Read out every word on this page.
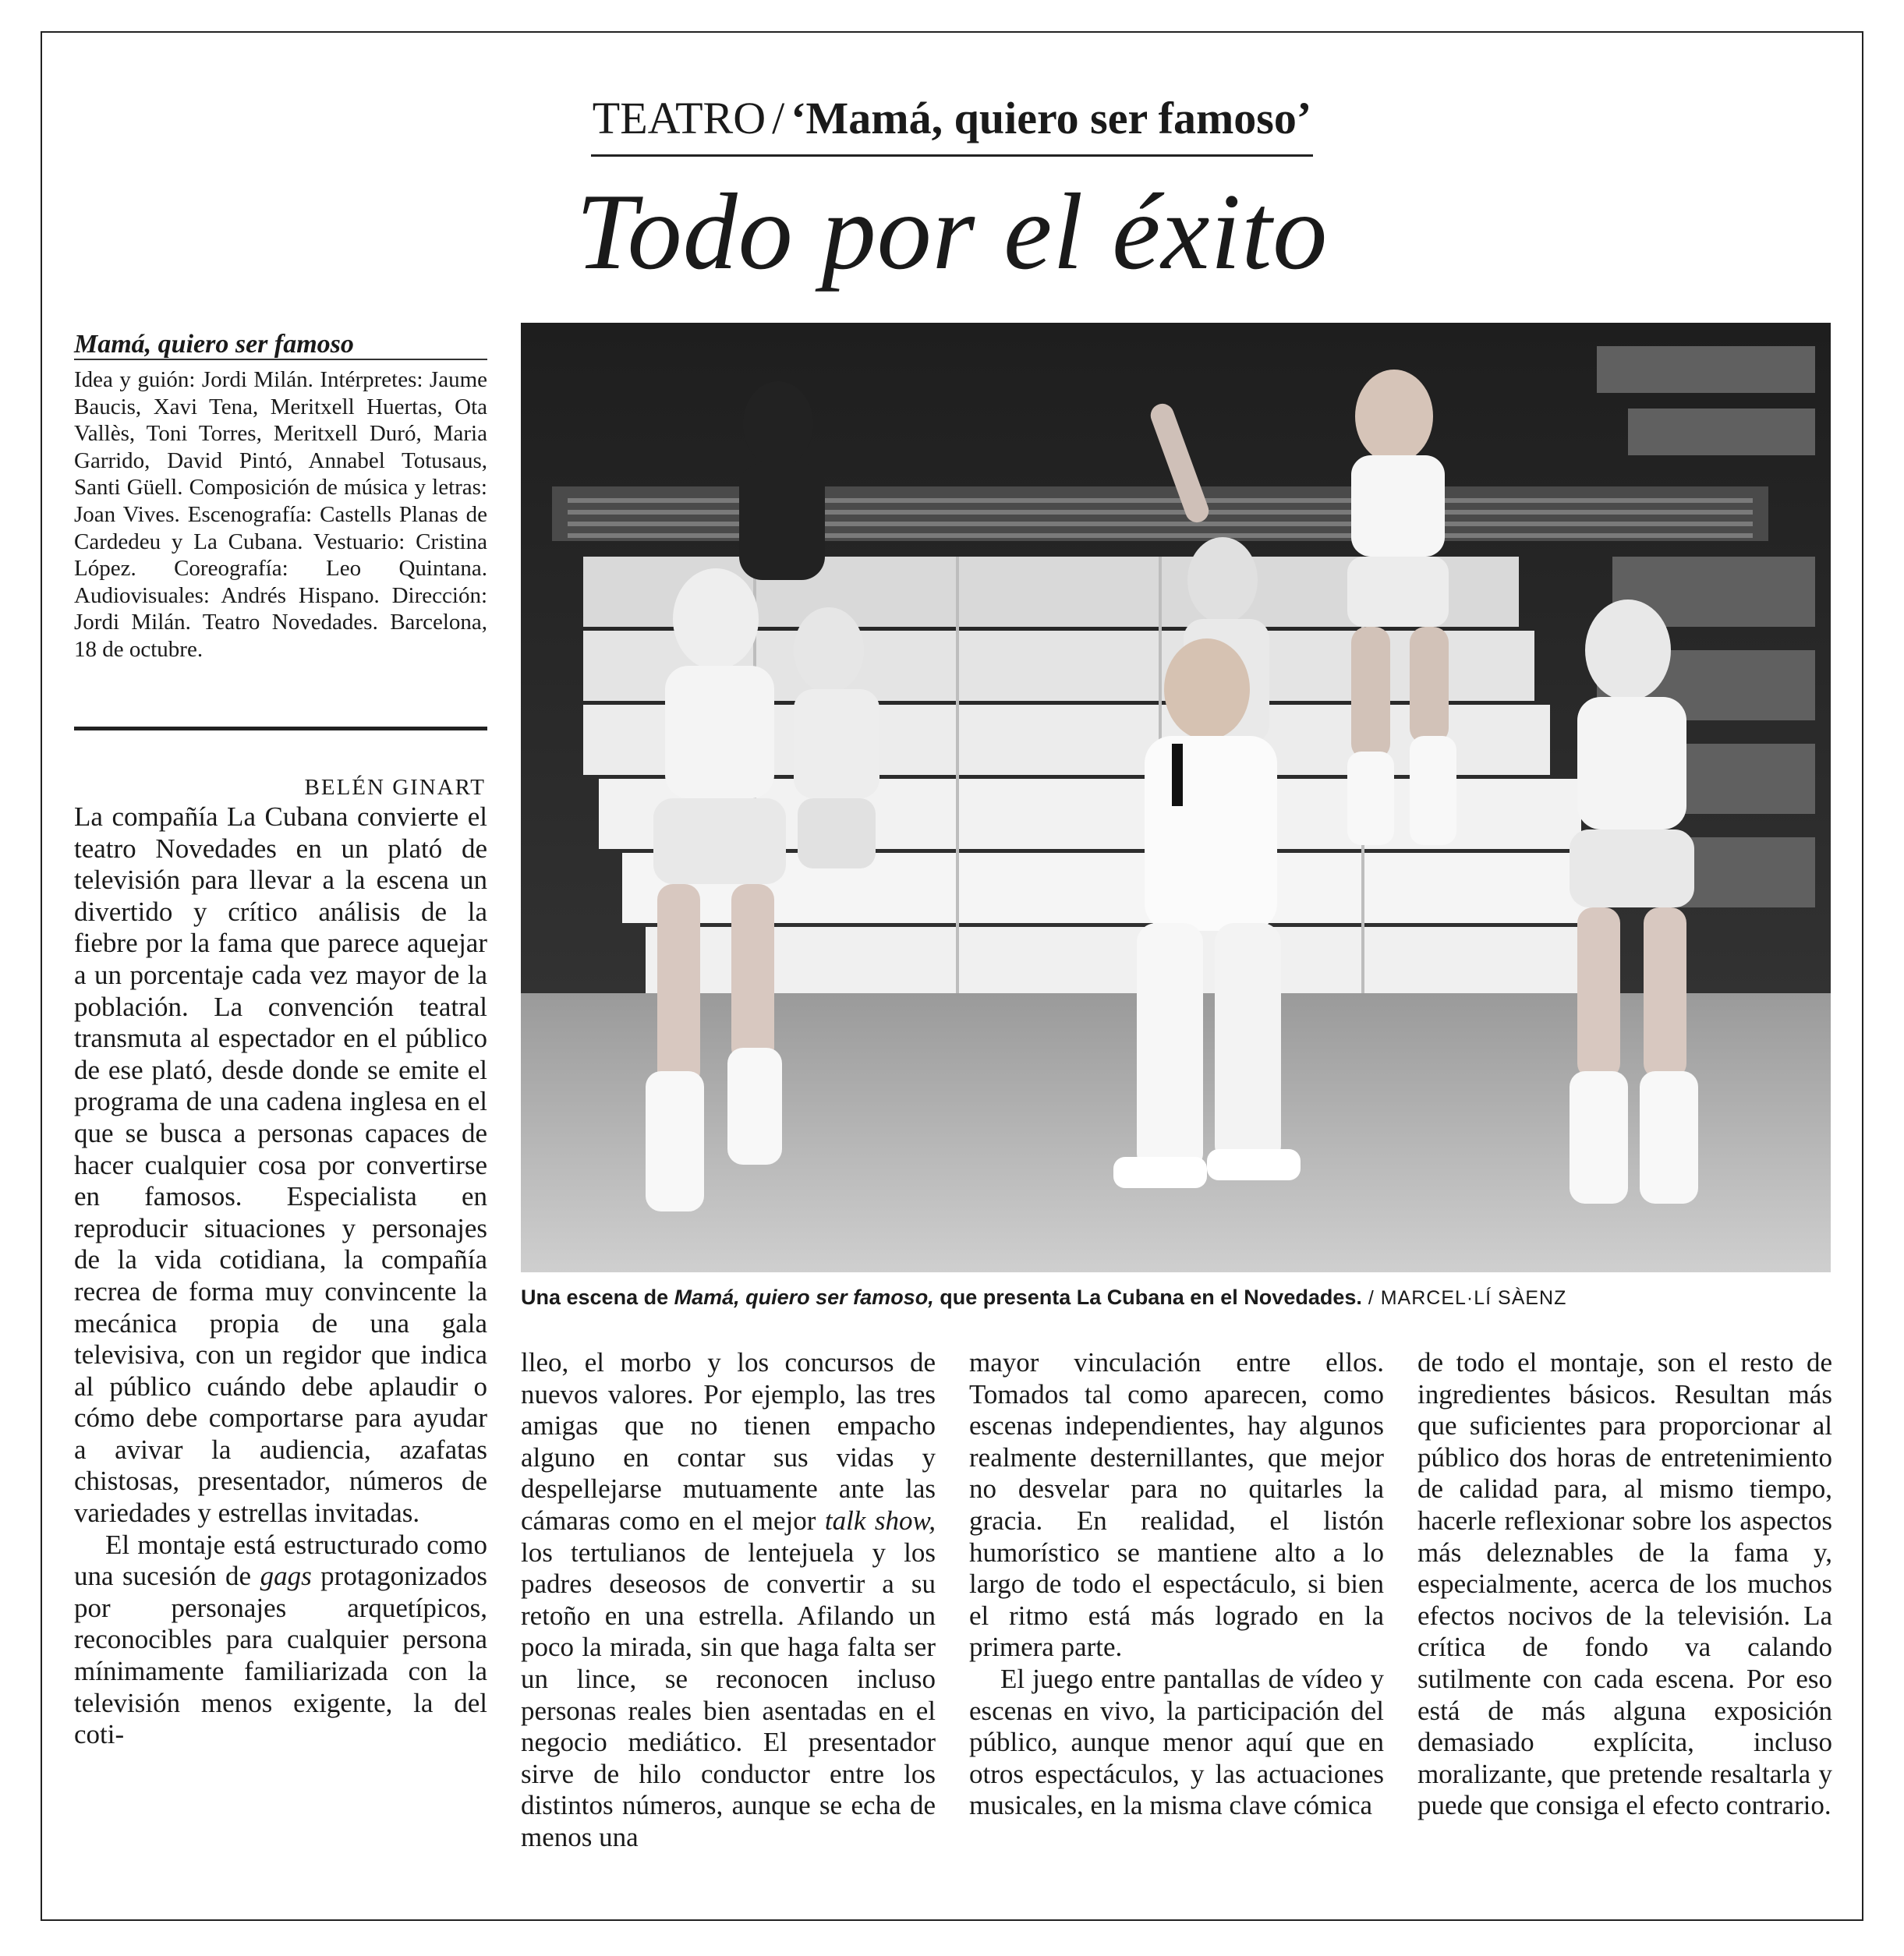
TEATRO / ‘Mamá, quiero ser famoso’
Todo por el éxito
Mamá, quiero ser famoso
Idea y guión: Jordi Milán. Intérpretes: Jaume Baucis, Xavi Tena, Meritxell Huertas, Ota Vallès, Toni Torres, Meritxell Duró, Maria Garrido, David Pintó, Annabel Totusaus, Santi Güell. Composición de música y letras: Joan Vives. Escenografía: Castells Planas de Cardedeu y La Cubana. Vestuario: Cristina López. Coreografía: Leo Quintana. Audiovisuales: Andrés Hispano. Dirección: Jordi Milán. Teatro Novedades. Barcelona, 18 de octubre.
BELÉN GINART

La compañía La Cubana convierte el teatro Novedades en un plató de televisión para llevar a la escena un divertido y crítico análisis de la fiebre por la fama que parece aquejar a un porcentaje cada vez mayor de la población. La convención teatral transmuta al espectador en el público de ese plató, desde donde se emite el programa de una cadena inglesa en el que se busca a personas capaces de hacer cualquier cosa por convertirse en famosos. Especialista en reproducir situaciones y personajes de la vida cotidiana, la compañía recrea de forma muy convincente la mecánica propia de una gala televisiva, con un regidor que indica al público cuándo debe aplaudir o cómo debe comportarse para ayudar a avivar la audiencia, azafatas chistosas, presentador, números de variedades y estrellas invitadas.

El montaje está estructurado como una sucesión de gags protagonizados por personajes arquetípicos, reconocibles para cualquier persona mínimamente familiarizada con la televisión menos exigente, la del coti-

Una escena de Mamá, quiero ser famoso, que presenta La Cubana en el Novedades. / MARCEL·LÍ SÀENZ

lleo, el morbo y los concursos de nuevos valores. Por ejemplo, las tres amigas que no tienen empacho alguno en contar sus vidas y despellejarse mutuamente ante las cámaras como en el mejor talk show, los tertulianos de lentejuela y los padres deseosos de convertir a su retoño en una estrella. Afilando un poco la mirada, sin que haga falta ser un lince, se reconocen incluso personas reales bien asentadas en el negocio mediático. El presentador sirve de hilo conductor entre los distintos números, aunque se echa de menos una

mayor vinculación entre ellos. Tomados tal como aparecen, como escenas independientes, hay algunos realmente desternillantes, que mejor no desvelar para no quitarles la gracia. En realidad, el listón humorístico se mantiene alto a lo largo de todo el espectáculo, si bien el ritmo está más logrado en la primera parte.

El juego entre pantallas de vídeo y escenas en vivo, la participación del público, aunque menor aquí que en otros espectáculos, y las actuaciones musicales, en la misma clave cómica

de todo el montaje, son el resto de ingredientes básicos. Resultan más que suficientes para proporcionar al público dos horas de entretenimiento de calidad para, al mismo tiempo, hacerle reflexionar sobre los aspectos más deleznables de la fama y, especialmente, acerca de los muchos efectos nocivos de la televisión. La crítica de fondo va calando sutilmente con cada escena. Por eso está de más alguna exposición demasiado explícita, incluso moralizante, que pretende resaltarla y puede que consiga el efecto contrario.
